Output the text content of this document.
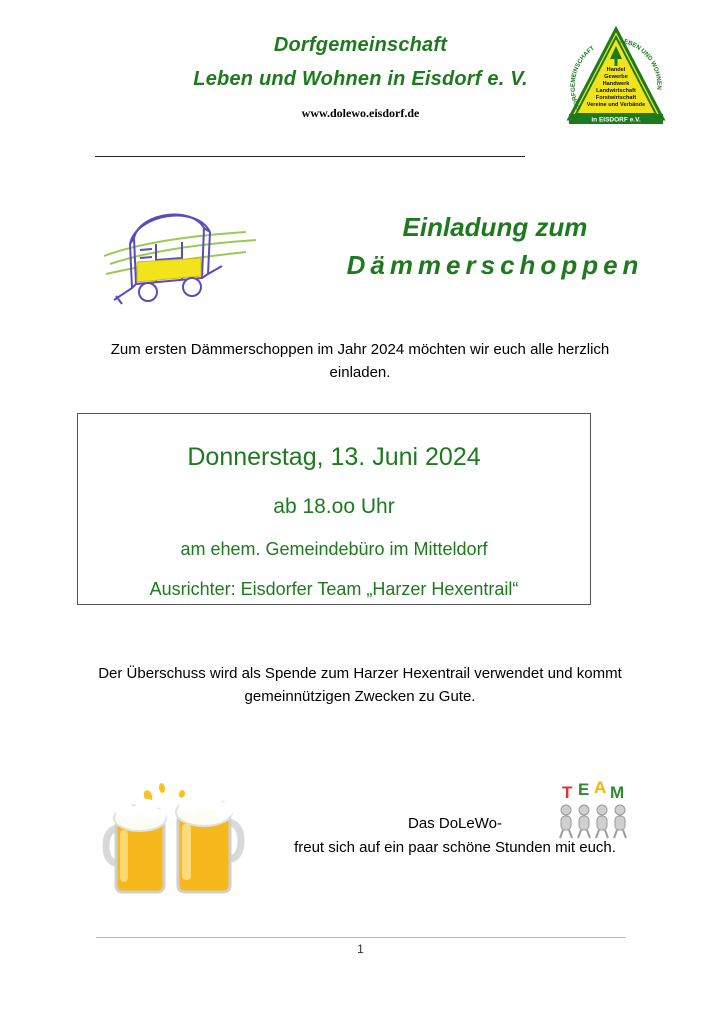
Dorfgemeinschaft
Leben und Wohnen in Eisdorf e. V.
www.dolewo.eisdorf.de	DORFGEMEINSCHAFT
LEBEN UND WOHNEN
Handel
Gewerbe
Handwerk
Landwirtschaft
Forstwirtschaft
Vereine und Verbände
in EISDORF e.V.
Einladung zum
Dämmerschoppen
Zum ersten Dämmerschoppen im Jahr 2024 möchten wir euch alle herzlich einladen.
Donnerstag, 13. Juni 2024
ab 18.oo Uhr
am ehem. Gemeindebüro im Mitteldorf
Ausrichter: Eisdorfer Team „Harzer Hexentrail“
Der Überschuss wird als Spende zum Harzer Hexentrail verwendet und kommt gemeinnützigen Zwecken zu Gute.
T E A M
Das DoLeWo-
freut sich auf ein paar schöne Stunden mit euch.
1
